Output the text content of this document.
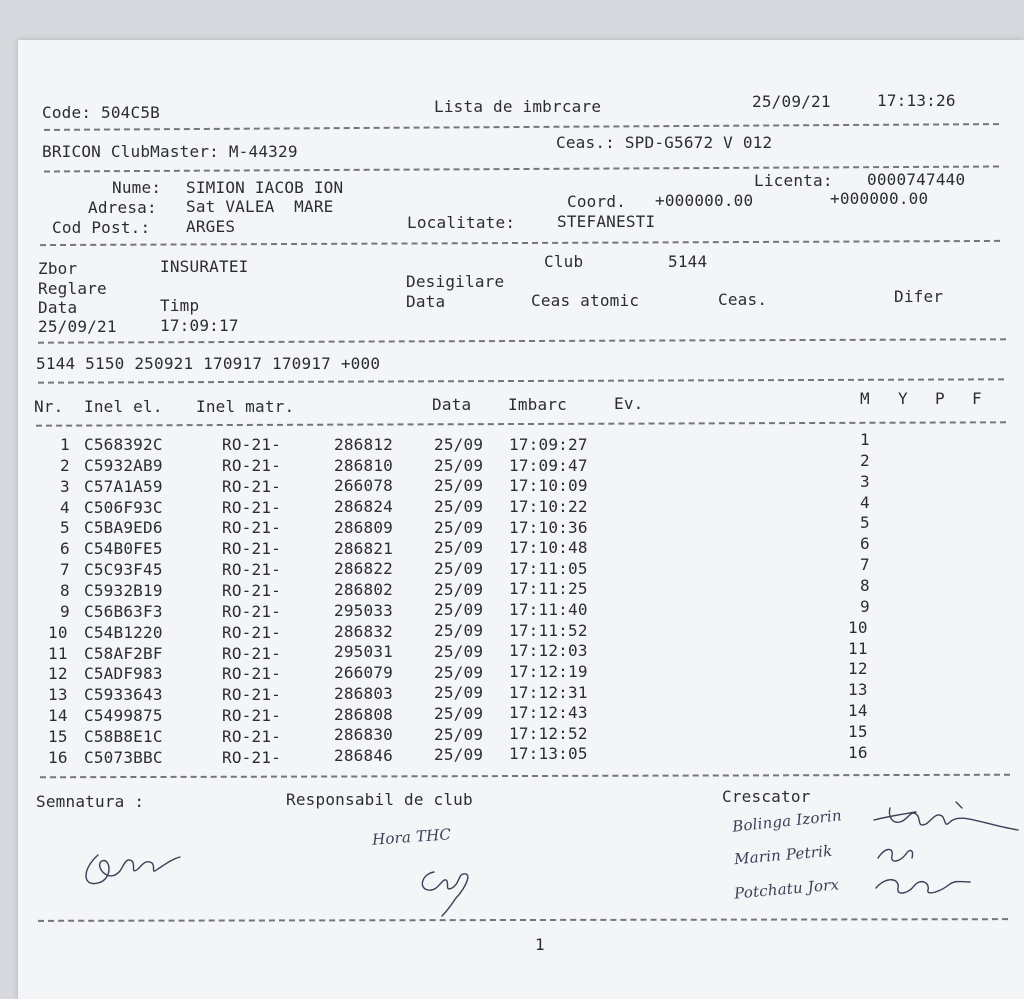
Code: 504C5B	Lista de imbrcare	25/09/21	17:13:26
BRICON ClubMaster: M-44329	Ceas.: SPD-G5672 V 012
Nume: SIMION IACOB ION
Adresa: Sat VALEA  MARE
Cod Post.: ARGES
Licenta: 0000747440
Coord. +000000.00	+000000.00
Localitate:	STEFANESTI
Zbor	INSURATEI	Club	5144
Reglare	Desigilare
Data	Timp	Data	Ceas atomic	Ceas.	Difer
25/09/21	17:09:17
5144 5150 250921 170917 170917 +000
Nr. Inel el. Inel matr.	Data Imbarc	Ev.	M Y P F
1 C568392C	RO-21-	286812	25/09 17:09:27	1
2 C5932AB9	RO-21-	286810	25/09 17:09:47	2
3 C57A1A59	RO-21-	266078	25/09 17:10:09	3
4 C506F93C	RO-21-	286824	25/09 17:10:22	4
5 C5BA9ED6	RO-21-	286809	25/09 17:10:36	5
6 C54B0FE5	RO-21-	286821	25/09 17:10:48	6
7 C5C93F45	RO-21-	286822	25/09 17:11:05	7
8 C5932B19	RO-21-	286802	25/09 17:11:25	8
9 C56B63F3	RO-21-	295033	25/09 17:11:40	9
10 C54B1220	RO-21-	286832	25/09 17:11:52	10
11 C58AF2BF	RO-21-	295031	25/09 17:12:03	11
12 C5ADF983	RO-21-	266079	25/09 17:12:19	12
13 C5933643	RO-21-	286803	25/09 17:12:31	13
14 C5499875	RO-21-	286808	25/09 17:12:43	14
15 C58B8E1C	RO-21-	286830	25/09 17:12:52	15
16 C5073BBC	RO-21-	286846	25/09 17:13:05	16
Semnatura :	Responsabil de club	Crescator
Hora THC
Bolinga Izorin
Marin Petrik
Potchatu Jorx
1
